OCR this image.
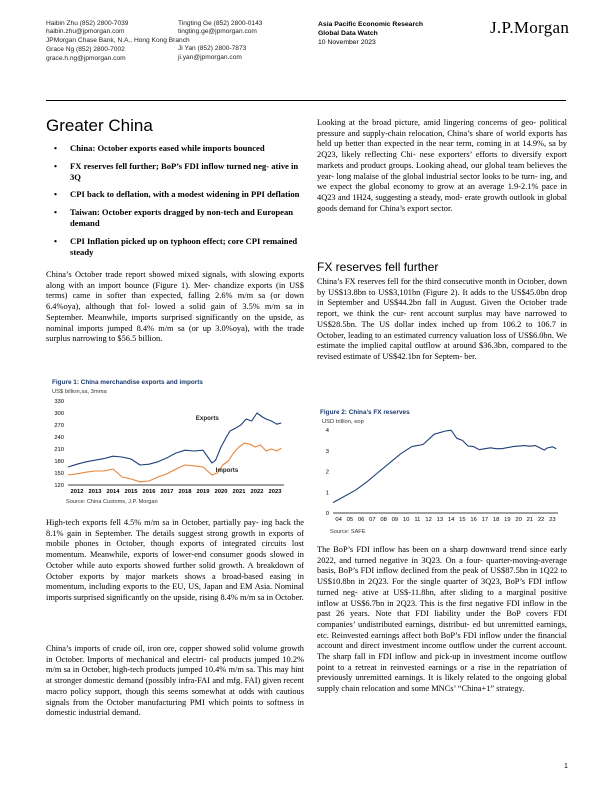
Haibin Zhu (852) 2800-7039
haibin.zhu@jpmorgan.com
JPMorgan Chase Bank, N.A., Hong Kong Branch
Grace Ng (852) 2800-7002
grace.h.ng@jpmorgan.com
Tingting Ge (852) 2800-0143
tingting.ge@jpmorgan.com
Ji Yan (852) 2800-7873
ji.yan@jpmorgan.com
Asia Pacific Economic Research
Global Data Watch
10 November 2023
J.P.Morgan
Greater China
• China: October exports eased while imports bounced
• FX reserves fell further; BoP’s FDI inflow turned neg- ative in 3Q
• CPI back to deflation, with a modest widening in PPI deflation
• Taiwan: October exports dragged by non-tech and European demand
• CPI Inflation picked up on typhoon effect; core CPI remained steady
China’s October trade report showed mixed signals, with slowing exports along with an import bounce (Figure 1). Mer- chandize exports (in US$ terms) came in softer than expected, falling 2.6% m/m sa (or down 6.4%oya), although that fol- lowed a solid gain of 3.5% m/m sa in September. Meanwhile, imports surprised significantly on the upside, as nominal imports jumped 8.4% m/m sa (or up 3.0%oya), with the trade surplus narrowing to $56.5 billion.
Figure 1: China merchandise exports and imports
US$ billion,sa, 3mma
120
150
180
210
240
270
300
330
2012 2013 2014 2015 2016 2017 2018 2019 2020 2021 2022 2023
Exports
Imports
Source: China Customs, J.P. Morgan
High-tech exports fell 4.5% m/m sa in October, partially pay- ing back the 8.1% gain in September. The details suggest strong growth in exports of mobile phones in October, though exports of integrated circuits lost momentum. Meanwhile, exports of lower-end consumer goods slowed in October while auto exports showed further solid growth. A breakdown of October exports by major markets shows a broad-based easing in momentum, including exports to the EU, US, Japan and EM Asia. Nominal imports surprised significantly on the upside, rising 8.4% m/m sa in October.
China’s imports of crude oil, iron ore, copper showed solid volume growth in October. Imports of mechanical and electri- cal products jumped 10.2% m/m sa in October, high-tech products jumped 10.4% m/m sa. This may hint at stronger domestic demand (possibly infra-FAI and mfg. FAI) given recent macro policy support, though this seems somewhat at odds with cautious signals from the October manufacturing PMI which points to softness in domestic industrial demand.
Looking at the broad picture, amid lingering concerns of geo- political pressure and supply-chain relocation, China’s share of world exports has held up better than expected in the near term, coming in at 14.9%, sa by 2Q23, likely reflecting Chi- nese exporters’ efforts to diversify export markets and product groups. Looking ahead, our global team believes the year- long malaise of the global industrial sector looks to be turn- ing, and we expect the global economy to grow at an average 1.9-2.1% pace in 4Q23 and 1H24, suggesting a steady, mod- erate growth outlook in global goods demand for China’s export sector.
FX reserves fell further
China’s FX reserves fell for the third consecutive month in October, down by US$13.8bn to US$3,101bn (Figure 2). It adds to the US$45.0bn drop in September and US$44.2bn fall in August. Given the October trade report, we think the cur- rent account surplus may have narrowed to US$28.5bn. The US dollar index inched up from 106.2 to 106.7 in October, leading to an estimated currency valuation loss of US$6.0bn. We estimate the implied capital outflow at around $36.3bn, compared to the revised estimate of US$42.1bn for Septem- ber.
Figure 2: China’s FX reserves
USD trillion, eop
0
1
2
3
4
04 05 06 07 08 09 10 11 12 13 14 15 16 17 18 19 20 21 22 23
Source: SAFE
The BoP’s FDI inflow has been on a sharp downward trend since early 2022, and turned negative in 3Q23. On a four- quarter-moving-average basis, BoP’s FDI inflow declined from the peak of US$87.5bn in 1Q22 to US$10.8bn in 2Q23. For the single quarter of 3Q23, BoP’s FDI inflow turned neg- ative at US$-11.8bn, after sliding to a marginal positive inflow at US$6.7bn in 2Q23. This is the first negative FDI inflow in the past 26 years. Note that FDI liability under the BoP covers FDI companies’ undistributed earnings, distribut- ed but unremitted earnings, etc. Reinvested earnings affect both BoP’s FDI inflow under the financial account and direct investment income outflow under the current account. The sharp fall in FDI inflow and pick-up in investment income outflow point to a retreat in reinvested earnings or a rise in the repatriation of previously unremitted earnings. It is likely related to the ongoing global supply chain relocation and some MNCs’ “China+1” strategy.
1
